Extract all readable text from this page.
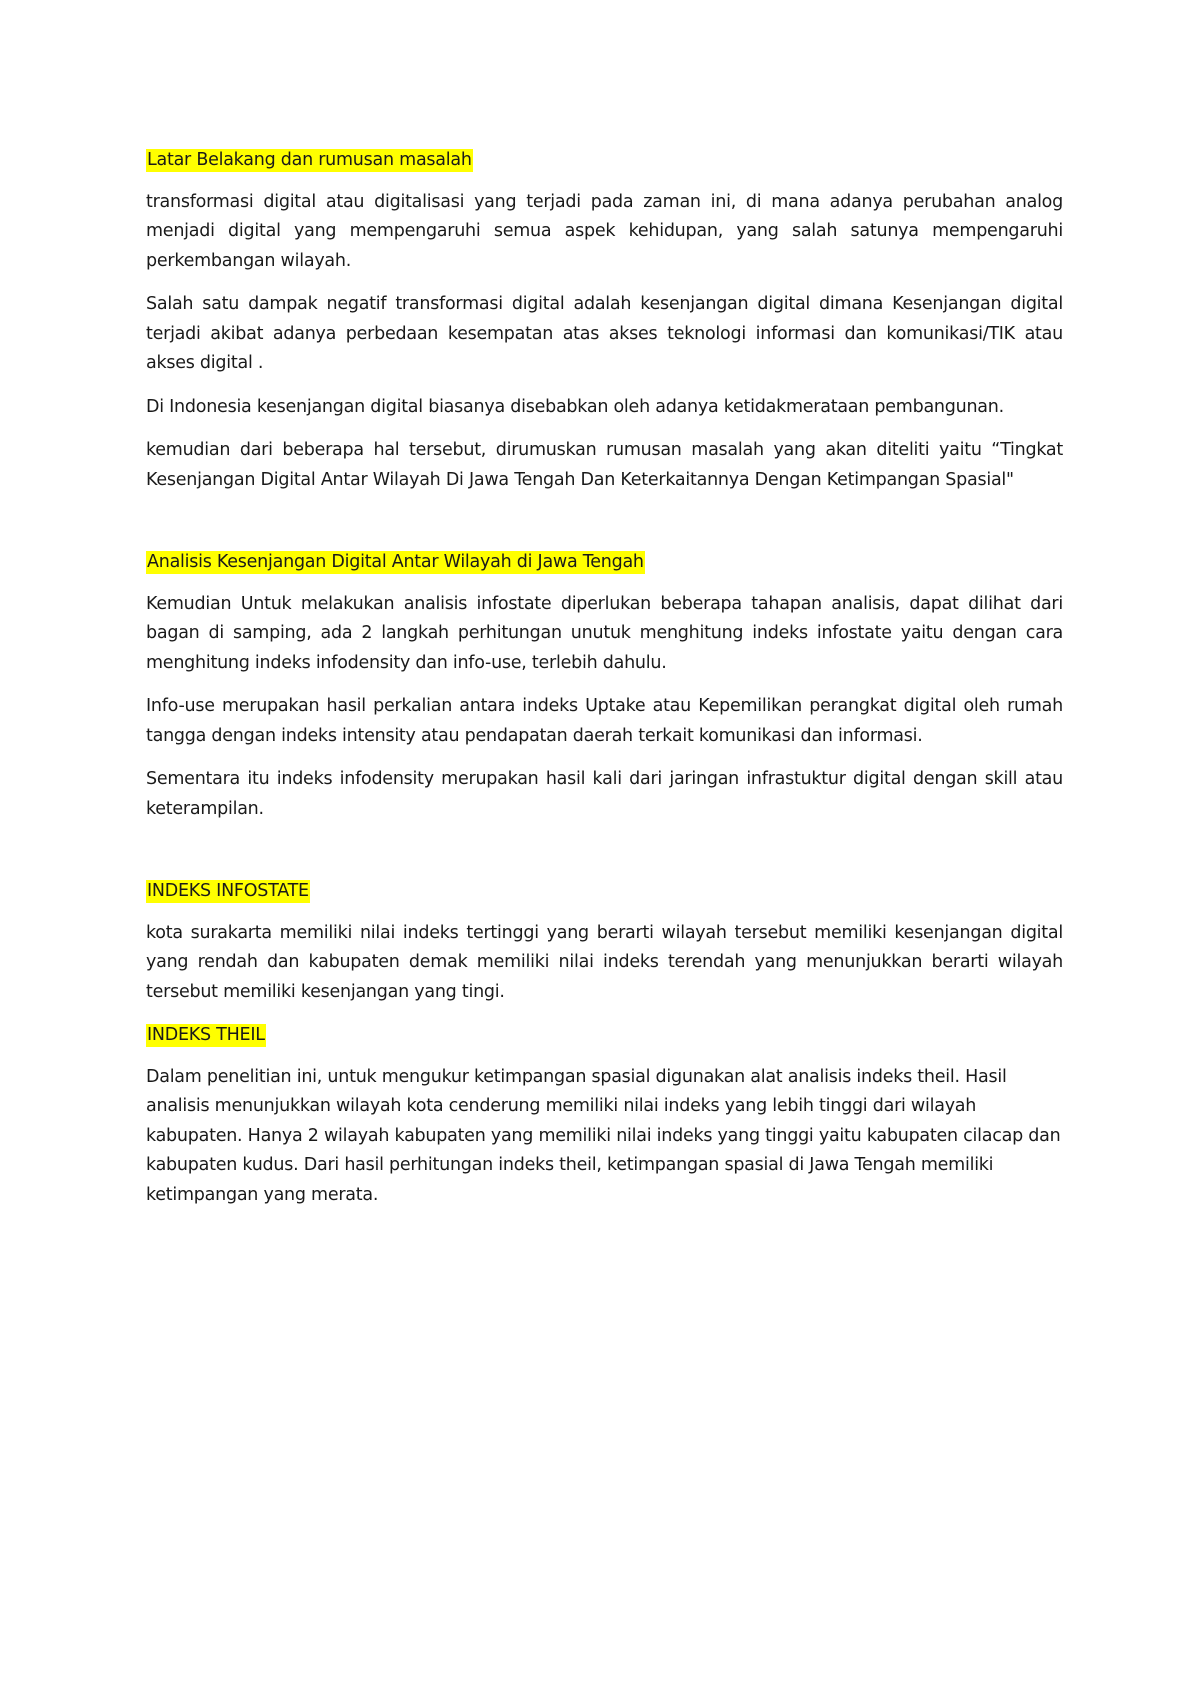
Latar Belakang dan rumusan masalah

transformasi digital atau digitalisasi yang terjadi pada zaman ini, di mana adanya perubahan analog menjadi digital yang mempengaruhi semua aspek kehidupan, yang salah satunya mempengaruhi perkembangan wilayah.

Salah satu dampak negatif transformasi digital adalah kesenjangan digital dimana Kesenjangan digital terjadi akibat adanya perbedaan kesempatan atas akses teknologi informasi dan komunikasi/TIK atau akses digital .

Di Indonesia kesenjangan digital biasanya disebabkan oleh adanya ketidakmerataan pembangunan.

kemudian dari beberapa hal tersebut, dirumuskan rumusan masalah yang akan diteliti yaitu “Tingkat Kesenjangan Digital Antar Wilayah Di Jawa Tengah Dan Keterkaitannya Dengan Ketimpangan Spasial"

Analisis Kesenjangan Digital Antar Wilayah di Jawa Tengah

Kemudian Untuk melakukan analisis infostate diperlukan beberapa tahapan analisis, dapat dilihat dari bagan di samping, ada 2 langkah perhitungan unutuk menghitung indeks infostate yaitu dengan cara menghitung indeks infodensity dan info-use, terlebih dahulu.

Info-use merupakan hasil perkalian antara indeks Uptake atau Kepemilikan perangkat digital oleh rumah tangga dengan indeks intensity atau pendapatan daerah terkait komunikasi dan informasi.

Sementara itu indeks infodensity merupakan hasil kali dari jaringan infrastuktur digital dengan skill atau keterampilan.

INDEKS INFOSTATE

kota surakarta memiliki nilai indeks tertinggi yang berarti wilayah tersebut memiliki kesenjangan digital yang rendah dan kabupaten demak memiliki nilai indeks terendah yang menunjukkan berarti wilayah tersebut memiliki kesenjangan yang tingi.

INDEKS THEIL

Dalam penelitian ini, untuk mengukur ketimpangan spasial digunakan alat analisis indeks theil. Hasil analisis menunjukkan wilayah kota cenderung memiliki nilai indeks yang lebih tinggi dari wilayah kabupaten. Hanya 2 wilayah kabupaten yang memiliki nilai indeks yang tinggi yaitu kabupaten cilacap dan kabupaten kudus. Dari hasil perhitungan indeks theil, ketimpangan spasial di Jawa Tengah memiliki ketimpangan yang merata.
